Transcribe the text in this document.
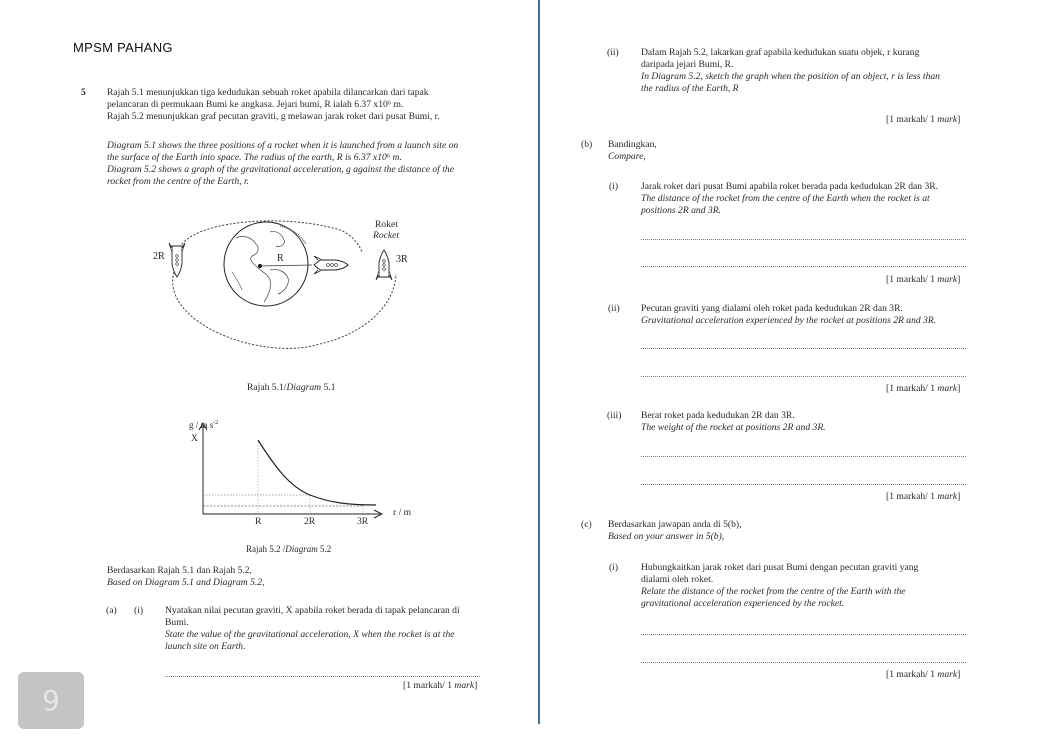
MPSM PAHANG
5 Rajah 5.1 menunjukkan tiga kedudukan sebuah roket apabila dilancarkan dari tapak
pelancaran di permukaan Bumi ke angkasa. Jejari bumi, R ialah 6.37 x10⁶ m.
Rajah 5.2 menunjukkan graf pecutan graviti, g melawan jarak roket dari pusat Bumi, r.
Diagram 5.1 shows the three positions of a rocket when it is launched from a launch site on
the surface of the Earth into space. The radius of the earth, R is 6.37 x10⁶ m.
Diagram 5.2 shows a graph of the gravitational acceleration, g against the distance of the
rocket from the centre of the Earth, r.
R
2R	3R
Roket
Rocket
Rajah 5.1/Diagram 5.1
g / m $s^{-2}$
X
R	2R	3R
r / m
Rajah 5.2 /Diagram 5.2
Berdasarkan Rajah 5.1 dan Rajah 5.2,
Based on Diagram 5.1 and Diagram 5.2,
(a) (i) Nyatakan nilai pecutan graviti, X apabila roket berada di tapak pelancaran di
Bumi.
State the value of the gravitational acceleration, X when the rocket is at the
launch site on Earth.
[1 markah/ 1 mark]
9
(ii) Dalam Rajah 5.2, lakarkan graf apabila kedudukan suatu objek, r kurang
daripada jejari Bumi, R.
In Diagram 5.2, sketch the graph when the position of an object, r is less than
the radius of the Earth, R
[1 markah/ 1 mark]
(b) Bandingkan,
Compare,
(i) Jarak roket dari pusat Bumi apabila roket berada pada kedudukan 2R dan 3R.
The distance of the rocket from the centre of the Earth when the rocket is at
positions 2R and 3R.
[1 markah/ 1 mark]
(ii) Pecutan graviti yang dialami oleh roket pada kedudukan 2R dan 3R.
Gravitational acceleration experienced by the rocket at positions 2R and 3R.
[1 markah/ 1 mark]
(iii) Berat roket pada kedudukan 2R dan 3R.
The weight of the rocket at positions 2R and 3R.
[1 markah/ 1 mark]
(c) Berdasarkan jawapan anda di 5(b),
Based on your answer in 5(b),
(i) Hubungkaitkan jarak roket dari pusat Bumi dengan pecutan graviti yang
dialami oleh roket.
Relate the distance of the rocket from the centre of the Earth with the
gravitational acceleration experienced by the rocket.
[1 markah/ 1 mark]
